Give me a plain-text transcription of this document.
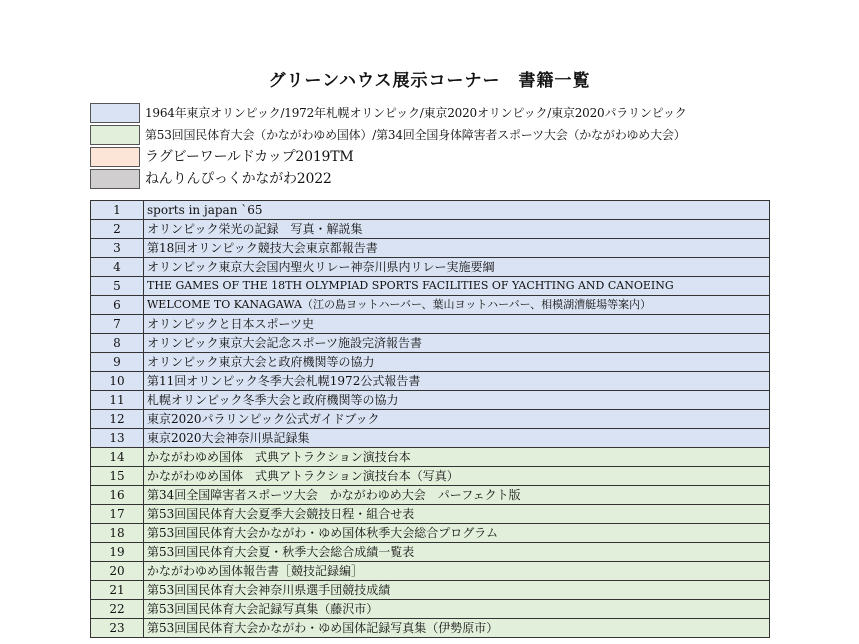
グリーンハウス展示コーナー　書籍一覧
1964年東京オリンピック/1972年札幌オリンピック/東京2020オリンピック/東京2020パラリンピック
第53回国民体育大会（かながわゆめ国体）/第34回全国身体障害者スポーツ大会（かながわゆめ大会）
ラグビーワールドカップ2019TM
ねんりんぴっくかながわ2022
1	sports in japan `65
2	オリンピック栄光の記録　写真・解説集
3	第18回オリンピック競技大会東京都報告書
4	オリンピック東京大会国内聖火リレー神奈川県内リレー実施要綱
5	THE GAMES OF THE 18TH OLYMPIAD SPORTS FACILITIES OF YACHTING AND CANOEING
6	WELCOME TO KANAGAWA（江の島ヨットハーバー、葉山ヨットハーバー、相模湖漕艇場等案内）
7	オリンピックと日本スポーツ史
8	オリンピック東京大会記念スポーツ施設完済報告書
9	オリンピック東京大会と政府機関等の協力
10	第11回オリンピック冬季大会札幌1972公式報告書
11	札幌オリンピック冬季大会と政府機関等の協力
12	東京2020パラリンピック公式ガイドブック
13	東京2020大会神奈川県記録集
14	かながわゆめ国体　式典アトラクション演技台本
15	かながわゆめ国体　式典アトラクション演技台本（写真）
16	第34回全国障害者スポーツ大会　かながわゆめ大会　パーフェクト版
17	第53回国民体育大会夏季大会競技日程・組合せ表
18	第53回国民体育大会かながわ・ゆめ国体秋季大会総合プログラム
19	第53回国民体育大会夏・秋季大会総合成績一覧表
20	かながわゆめ国体報告書［競技記録編］
21	第53回国民体育大会神奈川県選手団競技成績
22	第53回国民体育大会記録写真集（藤沢市）
23	第53回国民体育大会かながわ・ゆめ国体記録写真集（伊勢原市）
